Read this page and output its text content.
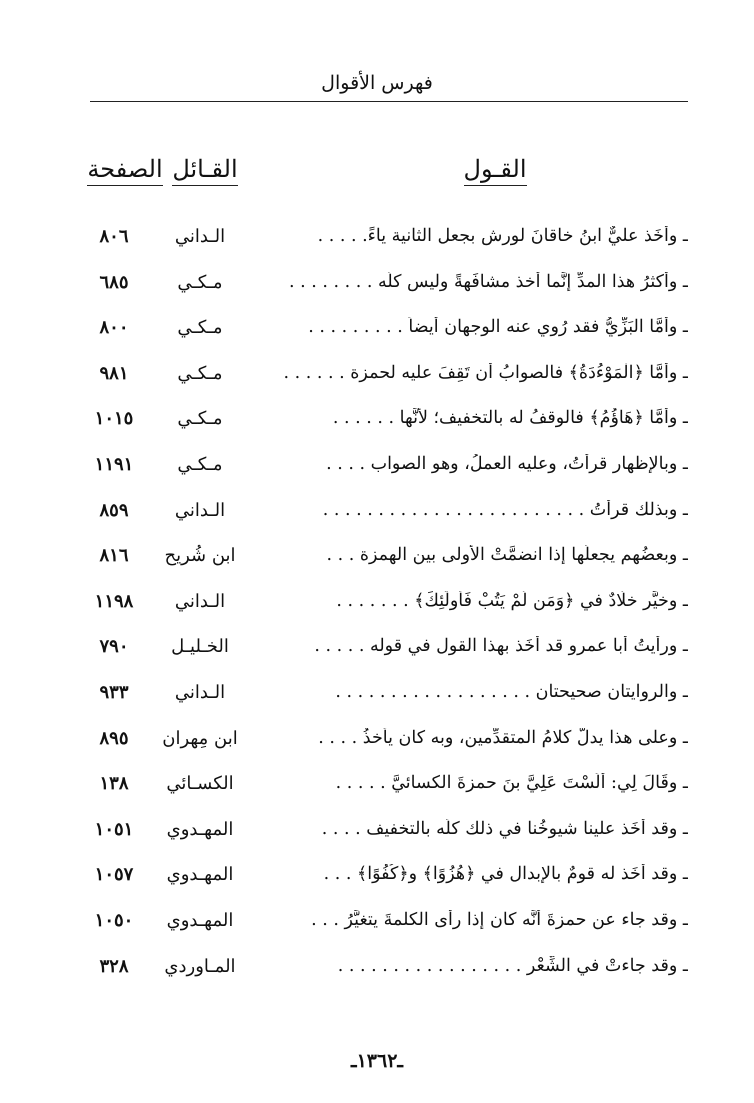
فهرس الأقوال
القـول
القـائل
الصفحة
ـ وأخَذ عليٌّ ابنُ خاقانَ لورش بجعل الثانية ياءً. . . . .
الـداني
٨٠٦
ـ وأكثرُ هذا المدِّ إنَّما أُخذ مشافَهةً وليس كلَّه . . . . . . . .
مـكـي
٦٨٥
ـ وأمَّا البَزِّيُّ فقد رُوي عنه الوجهان أيضاً . . . . . . . . .
مـكـي
٨٠٠
ـ وأمَّا ﴿الْمَوْءُدَةُ﴾ فالصوابُ أن تَقِفَ عليه لحمزة . . . . . .
مـكـي
٩٨١
ـ وأمَّا ﴿هَاؤُمُ﴾ فالوقفُ له بالتخفيف؛ لأنَّها . . . . . .
مـكـي
١٠١٥
ـ وبالإظهار قرأتُ، وعليه العملُ، وهو الصواب . . . .
مـكـي
١١٩١
ـ وبذلك قرأتُ . . . . . . . . . . . . . . . . . . . . . . . .
الـداني
٨٥٩
ـ وبعضُهم يجعلُها إذا انضمَّتْ الأُولى بين الهمزة . . .
ابن شُريح
٨١٦
ـ وخيَّر خلَّادٌ في ﴿وَمَن لَّمْ يَتُبْ فَأُولَٰئِكَ﴾ . . . . . . .
الـداني
١١٩٨
ـ ورأيتُ أبا عمرو قد أخَذ بهذا القول في قوله . . . . .
الخـليـل
٧٩٠
ـ والروايتان صحيحتان . . . . . . . . . . . . . . . . . .
الـداني
٩٣٣
ـ وعلى هذا يدلُّ كلامُ المتقدِّمين، وبه كان يأخذُ . . . .
ابن مِهران
٨٩٥
ـ وقَالَ لِي: أَلَسْتَ عَلِيَّ بنَ حمزةَ الكسائيَّ . . . . .
الكسـائي
١٣٨
ـ وقد أخَذ علينا شيوخُنا في ذلك كلِّه بالتخفيف . . . .
المهـدوي
١٠٥١
ـ وقد أخَذ له قومٌ بالإبدال في ﴿هُزُوًا﴾ و﴿كُفُوًا﴾ . . .
المهـدوي
١٠٥٧
ـ وقد جاء عن حمزةَ أنَّه كان إذا رأى الكلمةَ يتغيَّرُ . . .
المهـدوي
١٠٥٠
ـ وقد جاءتْ في الشِّعْر . . . . . . . . . . . . . . . . .
المـاوردي
٣٢٨
ـ١٣٦٢ـ
